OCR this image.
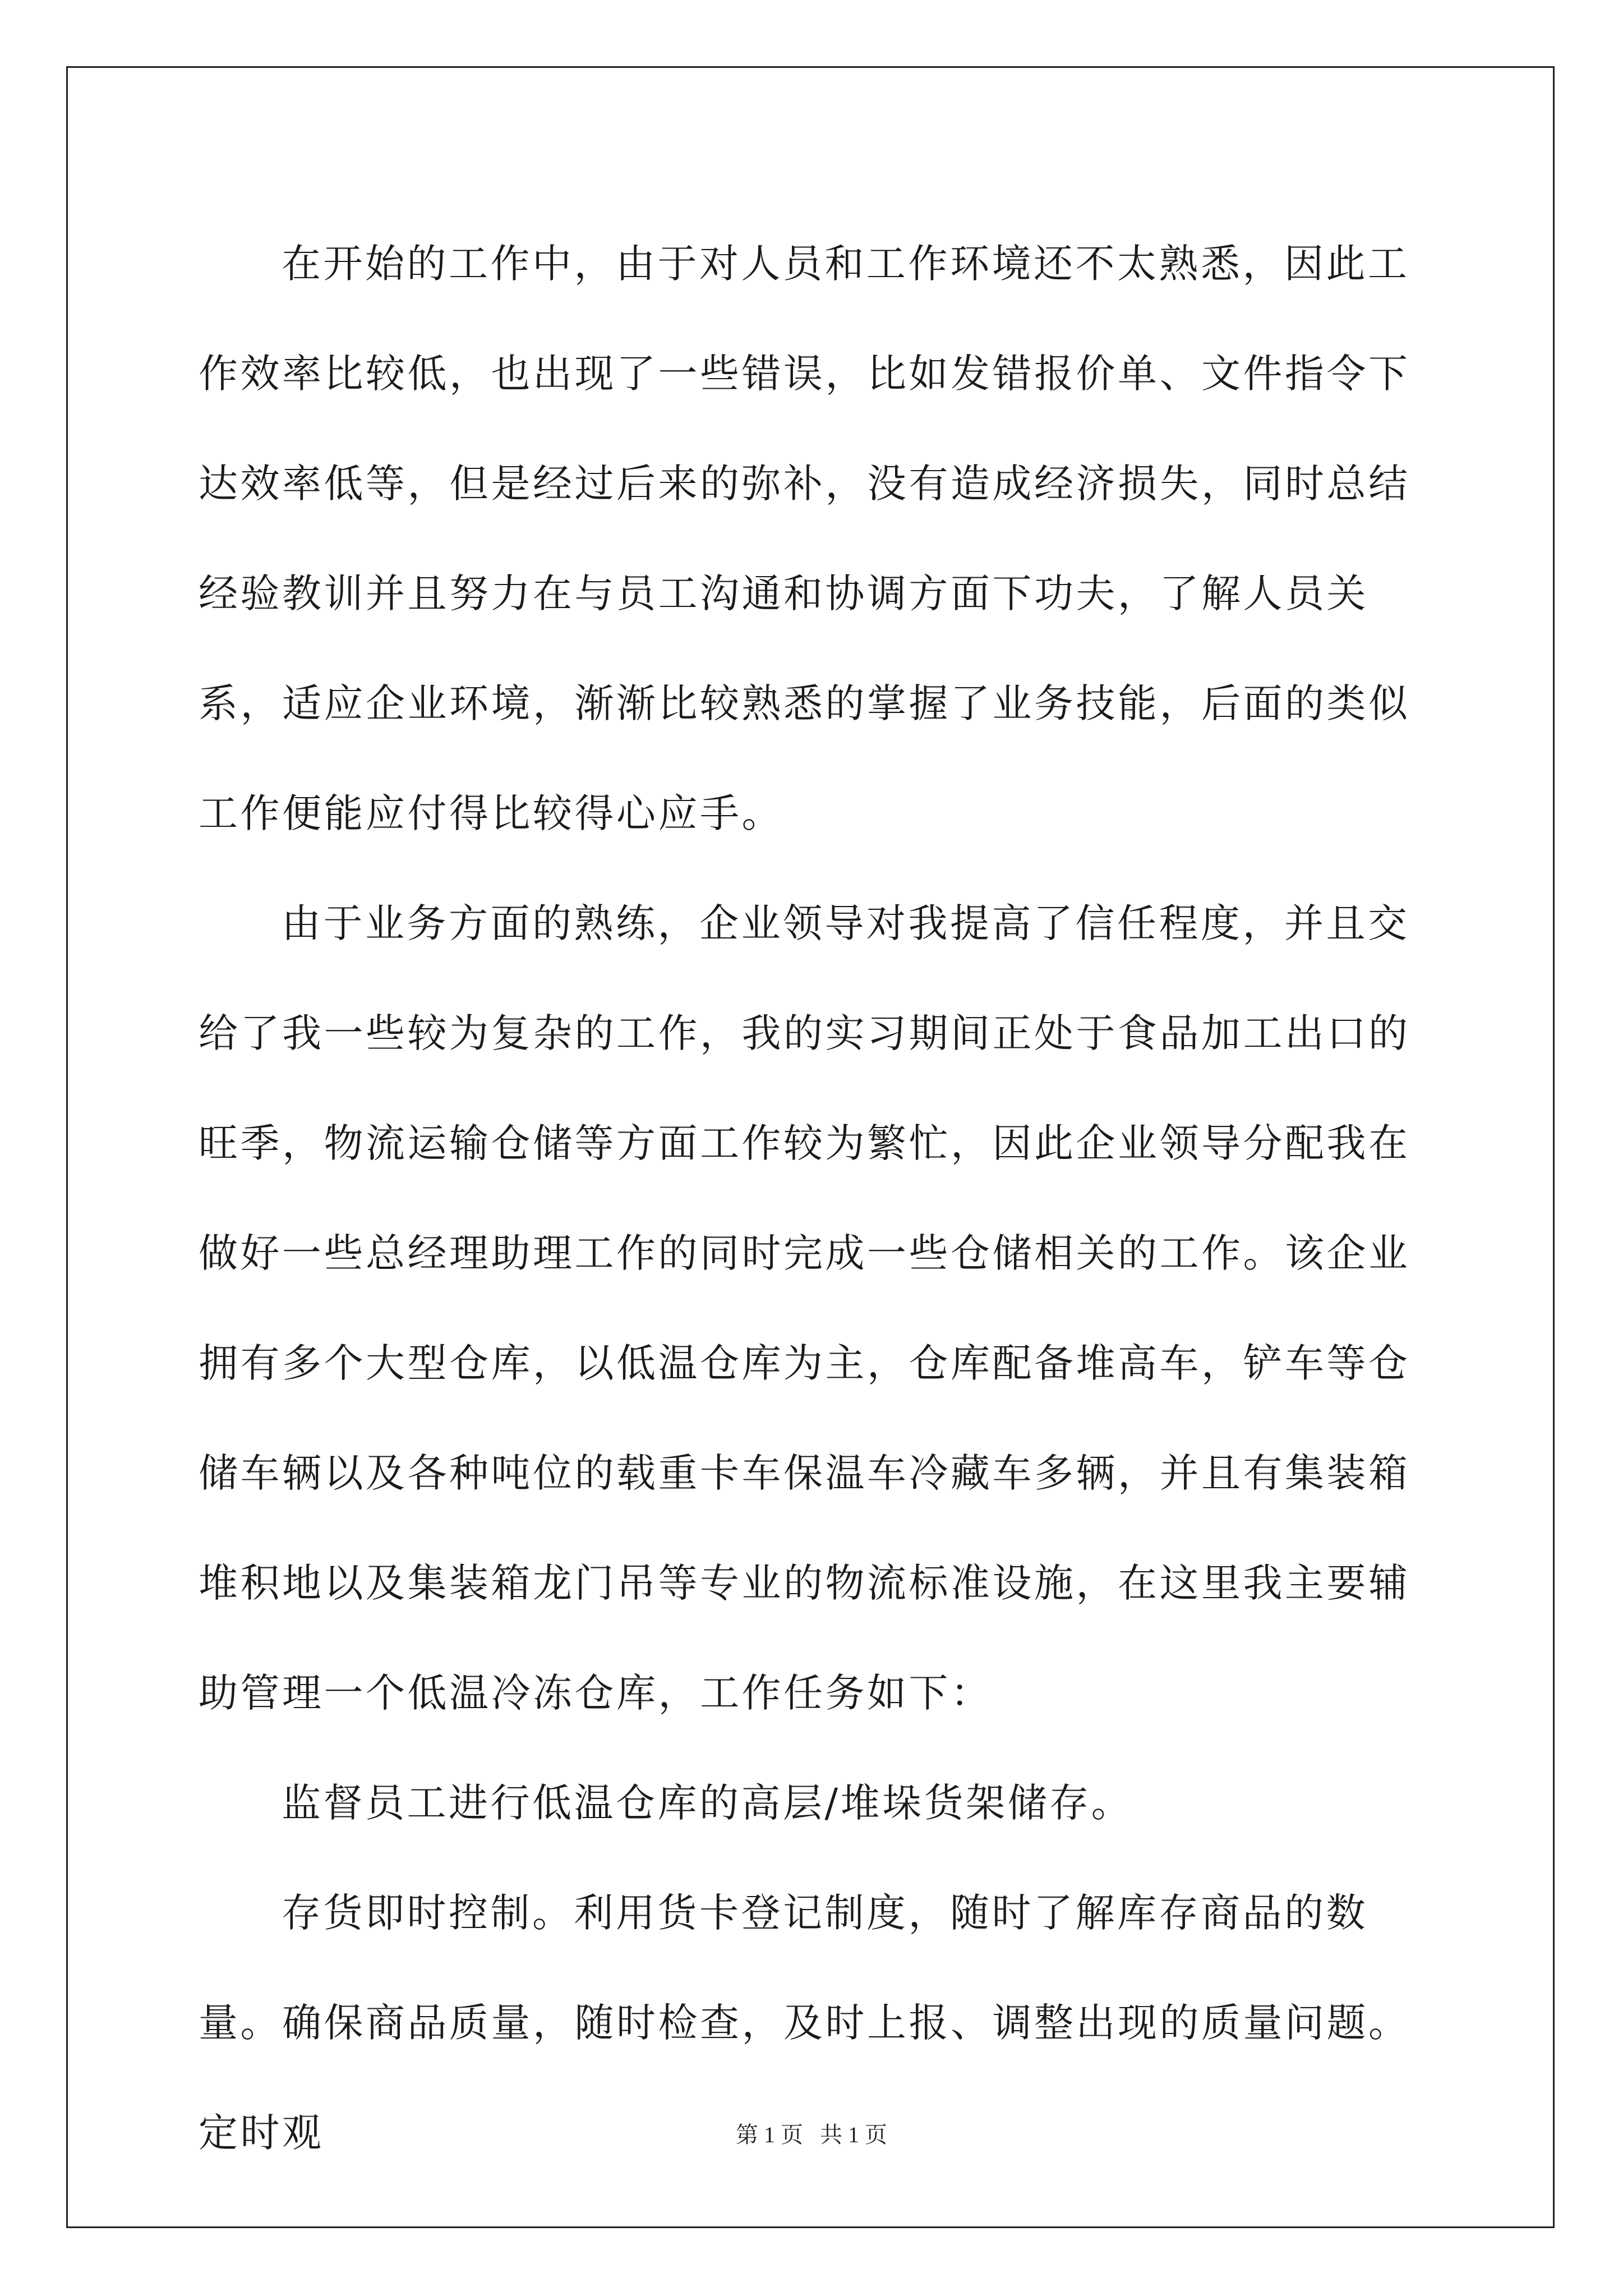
在开始的工作中，由于对人员和工作环境还不太熟悉，因此工作效率比较低，也出现了一些错误，比如发错报价单、文件指令下达效率低等，但是经过后来的弥补，没有造成经济损失，同时总结经验教训并且努力在与员工沟通和协调方面下功夫，了解人员关系，适应企业环境，渐渐比较熟悉的掌握了业务技能，后面的类似工作便能应付得比较得心应手。

由于业务方面的熟练，企业领导对我提高了信任程度，并且交给了我一些较为复杂的工作，我的实习期间正处于食品加工出口的旺季，物流运输仓储等方面工作较为繁忙，因此企业领导分配我在做好一些总经理助理工作的同时完成一些仓储相关的工作。该企业拥有多个大型仓库，以低温仓库为主，仓库配备堆高车，铲车等仓储车辆以及各种吨位的载重卡车保温车冷藏车多辆，并且有集装箱堆积地以及集装箱龙门吊等专业的物流标准设施，在这里我主要辅助管理一个低温冷冻仓库，工作任务如下：

监督员工进行低温仓库的高层/堆垛货架储存。

存货即时控制。利用货卡登记制度，随时了解库存商品的数量。确保商品质量，随时检查，及时上报、调整出现的质量问题。定时观	第 1 页 共 1 页
